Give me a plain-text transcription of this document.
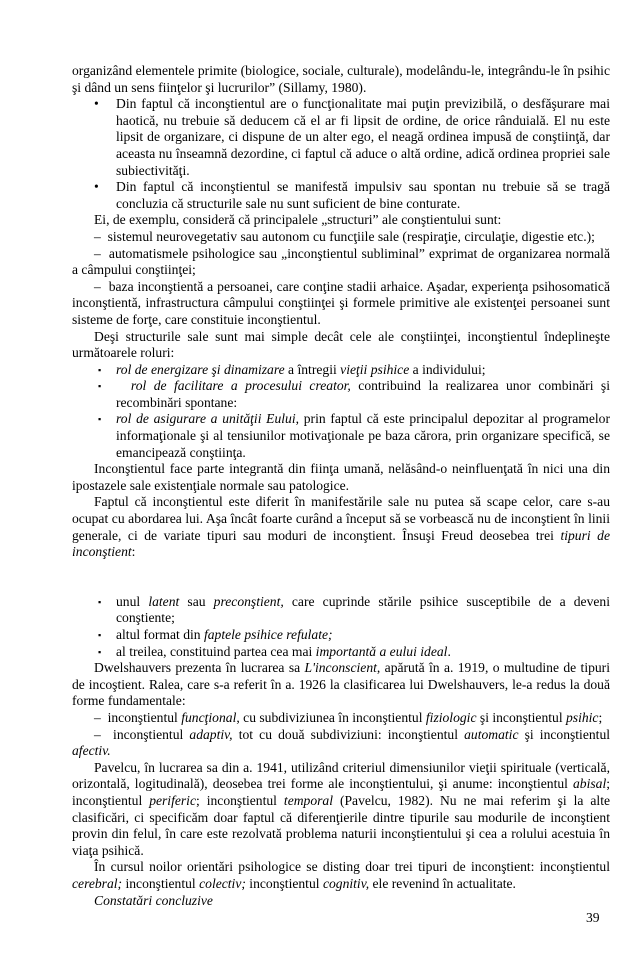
organizând elementele primite (biologice, sociale, culturale), modelându-le, integrându-le în psihic şi dând un sens fiinţelor şi lucrurilor” (Sillamy, 1980).

• Din faptul că inconştientul are o funcţionalitate mai puţin previzibilă, o desfăşurare mai haotică, nu trebuie să deducem că el ar fi lipsit de ordine, de orice rânduială. El nu este lipsit de organizare, ci dispune de un alter ego, el neagă ordinea impusă de conştiinţă, dar aceasta nu înseamnă dezordine, ci faptul că aduce o altă ordine, adică ordinea propriei sale subiectivităţi.
• Din faptul că inconştientul se manifestă impulsiv sau spontan nu trebuie să se tragă concluzia că structurile sale nu sunt suficient de bine conturate.

Ei, de exemplu, consideră că principalele „structuri” ale conştientului sunt:

– sistemul neurovegetativ sau autonom cu funcţiile sale (respiraţie, circulaţie, digestie etc.);
– automatismele psihologice sau „inconştientul subliminal” exprimat de organizarea normală a câmpului conştiinţei;
– baza inconştientă a persoanei, care conţine stadii arhaice. Aşadar, experienţa psihosomatică inconştientă, infrastructura câmpului conştiinţei şi formele primitive ale existenţei persoanei sunt sisteme de forţe, care constituie inconştientul.

Deşi structurile sale sunt mai simple decât cele ale conştiinţei, inconştientul îndeplineşte următoarele roluri:

▪ rol de energizare şi dinamizare a întregii vieţii psihice a individului;
▪ rol de facilitare a procesului creator, contribuind la realizarea unor combinări şi recombinări spontane:
▪ rol de asigurare a unităţii Eului, prin faptul că este principalul depozitar al programelor informaţionale şi al tensiunilor motivaţionale pe baza cărora, prin organizare specifică, se emancipează conştiinţa.

Inconştientul face parte integrantă din fiinţa umană, nelăsând-o neinfluenţată în nici una din ipostazele sale existenţiale normale sau patologice.

Faptul că inconştientul este diferit în manifestările sale nu putea să scape celor, care s-au ocupat cu abordarea lui. Aşa încât foarte curând a început să se vorbească nu de inconştient în linii generale, ci de variate tipuri sau moduri de inconştient. Însuşi Freud deosebea trei tipuri de inconştient:

▪ unul latent sau preconştient, care cuprinde stările psihice susceptibile de a deveni conştiente;
▪ altul format din faptele psihice refulate;
▪ al treilea, constituind partea cea mai importantă a eului ideal.

Dwelshauvers prezenta în lucrarea sa L'inconscient, apărută în a. 1919, o multudine de tipuri de incoştient. Ralea, care s-a referit în a. 1926 la clasificarea lui Dwelshauvers, le-a redus la două forme fundamentale:

– inconştientul funcţional, cu subdiviziunea în inconştientul fiziologic şi inconştientul psihic;
– inconştientul adaptiv, tot cu două subdiviziuni: inconştientul automatic şi inconştientul afectiv.

Pavelcu, în lucrarea sa din a. 1941, utilizând criteriul dimensiunilor vieţii spirituale (verticală, orizontală, logitudinală), deosebea trei forme ale inconştientului, şi anume: inconştientul abisal; inconştientul periferic; inconştientul temporal (Pavelcu, 1982). Nu ne mai referim şi la alte clasificări, ci specificăm doar faptul că diferenţierile dintre tipurile sau modurile de inconştient provin din felul, în care este rezolvată problema naturii inconştientului şi cea a rolului acestuia în viaţa psihică.

În cursul noilor orientări psihologice se disting doar trei tipuri de inconştient: inconştientul cerebral; inconştientul colectiv; inconştientul cognitiv, ele revenind în actualitate.

Constatări concluzive

39
